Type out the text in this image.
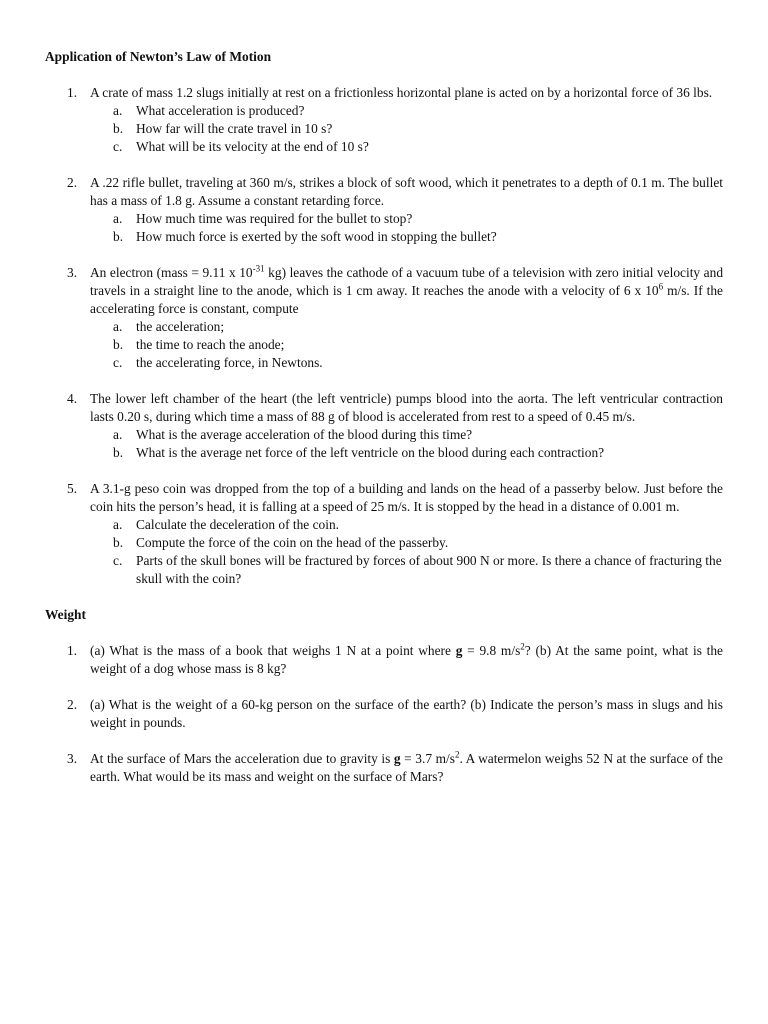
Application of Newton’s Law of Motion
1. A crate of mass 1.2 slugs initially at rest on a frictionless horizontal plane is acted on by a horizontal force of 36 lbs.
a. What acceleration is produced?
b. How far will the crate travel in 10 s?
c. What will be its velocity at the end of 10 s?
2. A .22 rifle bullet, traveling at 360 m/s, strikes a block of soft wood, which it penetrates to a depth of 0.1 m. The bullet has a mass of 1.8 g. Assume a constant retarding force.
a. How much time was required for the bullet to stop?
b. How much force is exerted by the soft wood in stopping the bullet?
3. An electron (mass = 9.11 x $10^{-31}$ kg) leaves the cathode of a vacuum tube of a television with zero initial velocity and travels in a straight line to the anode, which is 1 cm away. It reaches the anode with a velocity of 6 x $10^6$ m/s. If the accelerating force is constant, compute
a. the acceleration;
b. the time to reach the anode;
c. the accelerating force, in Newtons.
4. The lower left chamber of the heart (the left ventricle) pumps blood into the aorta. The left ventricular contraction lasts 0.20 s, during which time a mass of 88 g of blood is accelerated from rest to a speed of 0.45 m/s.
a. What is the average acceleration of the blood during this time?
b. What is the average net force of the left ventricle on the blood during each contraction?
5. A 3.1-g peso coin was dropped from the top of a building and lands on the head of a passerby below. Just before the coin hits the person’s head, it is falling at a speed of 25 m/s. It is stopped by the head in a distance of 0.001 m.
a. Calculate the deceleration of the coin.
b. Compute the force of the coin on the head of the passerby.
c. Parts of the skull bones will be fractured by forces of about 900 N or more. Is there a chance of fracturing the skull with the coin?
Weight
1. (a) What is the mass of a book that weighs 1 N at a point where g = 9.8 $m/s^2$? (b) At the same point, what is the weight of a dog whose mass is 8 kg?
2. (a) What is the weight of a 60-kg person on the surface of the earth? (b) Indicate the person’s mass in slugs and his weight in pounds.
3. At the surface of Mars the acceleration due to gravity is g = 3.7 $m/s^2$. A watermelon weighs 52 N at the surface of the earth. What would be its mass and weight on the surface of Mars?
